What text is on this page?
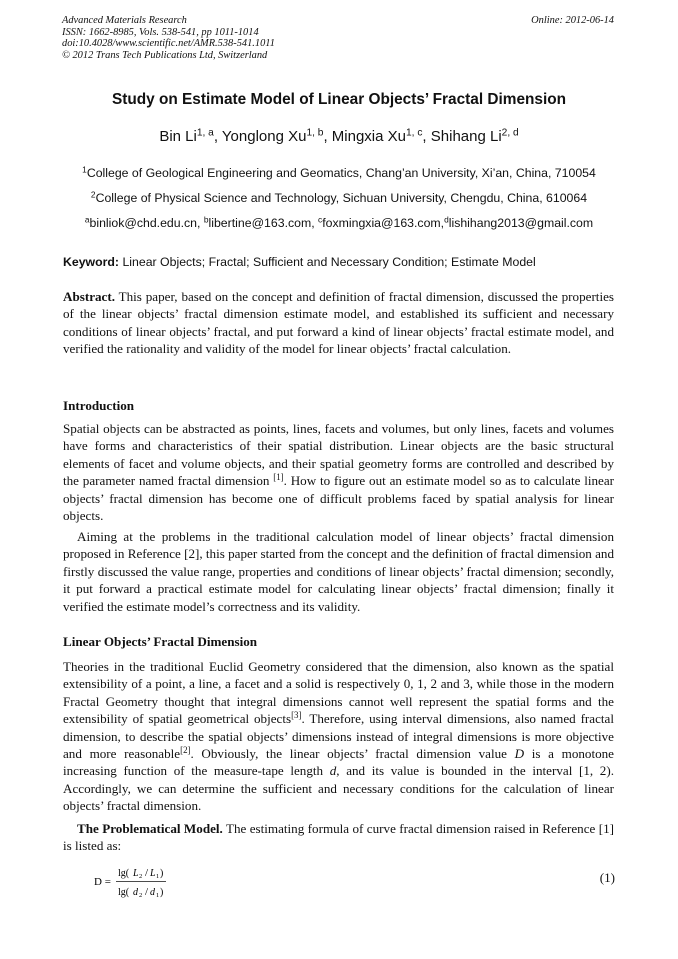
Advanced Materials Research
ISSN: 1662-8985, Vols. 538-541, pp 1011-1014
doi:10.4028/www.scientific.net/AMR.538-541.1011
© 2012 Trans Tech Publications Ltd, Switzerland
Online: 2012-06-14
Study on Estimate Model of Linear Objects’ Fractal Dimension
Bin Li$^{1, a}$, Yonglong Xu$^{1, b}$, Mingxia Xu$^{1, c}$, Shihang Li$^{2, d}$
$^1$College of Geological Engineering and Geomatics, Chang’an University, Xi’an, China, 710054
$^2$College of Physical Science and Technology, Sichuan University, Chengdu, China, 610064
$^a$binliok@chd.edu.cn, $^b$libertine@163.com, $^c$foxmingxia@163.com,$^d$lishihang2013@gmail.com
Keyword: Linear Objects; Fractal; Sufficient and Necessary Condition; Estimate Model
Abstract. This paper, based on the concept and definition of fractal dimension, discussed the properties of the linear objects’ fractal dimension estimate model, and established its sufficient and necessary conditions of linear objects’ fractal, and put forward a kind of linear objects’ fractal estimate model, and verified the rationality and validity of the model for linear objects’ fractal calculation.
Introduction
Spatial objects can be abstracted as points, lines, facets and volumes, but only lines, facets and volumes have forms and characteristics of their spatial distribution. Linear objects are the basic structural elements of facet and volume objects, and their spatial geometry forms are controlled and described by the parameter named fractal dimension [1]. How to figure out an estimate model so as to calculate linear objects’ fractal dimension has become one of difficult problems faced by spatial analysis for linear objects.
Aiming at the problems in the traditional calculation model of linear objects’ fractal dimension proposed in Reference [2], this paper started from the concept and the definition of fractal dimension and firstly discussed the value range, properties and conditions of linear objects’ fractal dimension; secondly, it put forward a practical estimate model for calculating linear objects’ fractal dimension; finally it verified the estimate model’s correctness and its validity.
Linear Objects’ Fractal Dimension
Theories in the traditional Euclid Geometry considered that the dimension, also known as the spatial extensibility of a point, a line, a facet and a solid is respectively 0, 1, 2 and 3, while those in the modern Fractal Geometry thought that integral dimensions cannot well represent the spatial forms and the extensibility of spatial geometrical objects[3]. Therefore, using interval dimensions, also named fractal dimension, to describe the spatial objects’ dimensions instead of integral dimensions is more objective and more reasonable[2]. Obviously, the linear objects’ fractal dimension value D is a monotone increasing function of the measure-tape length d, and its value is bounded in the interval [1, 2). Accordingly, we can determine the sufficient and necessary conditions for the calculation of linear objects’ fractal dimension.
The Problematical Model. The estimating formula of curve fractal dimension raised in Reference [1] is listed as:
D =
lg( L 2 / L 1 )
lg( d 2 / d 1 )
(1)
